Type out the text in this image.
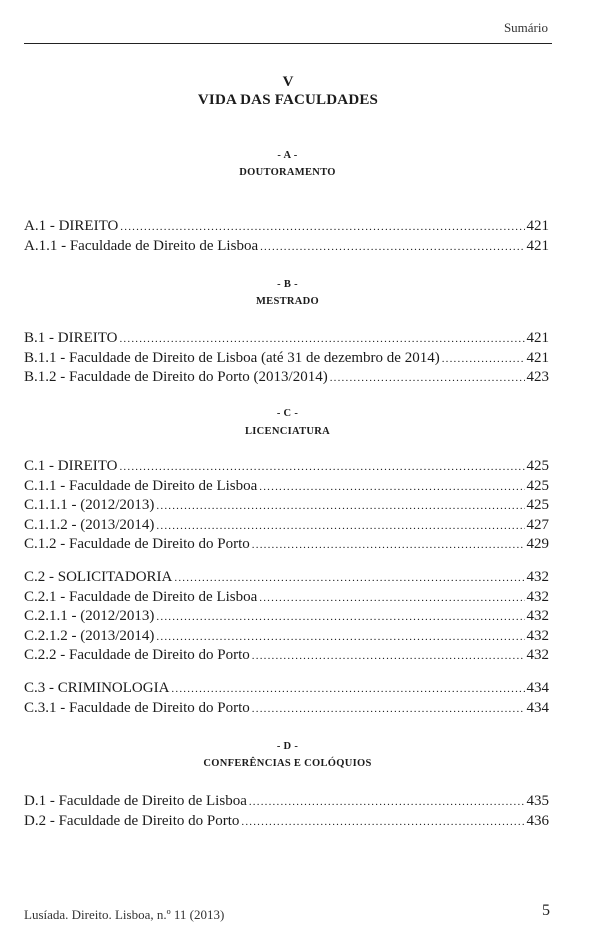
Sumário
V
VIDA DAS FACULDADES
- A -
DOUTORAMENTO
A.1 - DIREITO .....	421
A.1.1 - Faculdade de Direito de Lisboa .....	421
- B -
MESTRADO
B.1 - DIREITO .....	421
B.1.1 - Faculdade de Direito de Lisboa (até 31 de dezembro de 2014) .....	421
B.1.2 - Faculdade de Direito do Porto (2013/2014) .....	423
- C -
LICENCIATURA
C.1 - DIREITO .....	425
C.1.1 - Faculdade de Direito de Lisboa .....	425
C.1.1.1 - (2012/2013) .....	425
C.1.1.2 - (2013/2014) .....	427
C.1.2 - Faculdade de Direito do Porto .....	429
C.2 - SOLICITADORIA .....	432
C.2.1 - Faculdade de Direito de Lisboa .....	432
C.2.1.1 - (2012/2013) .....	432
C.2.1.2 - (2013/2014) .....	432
C.2.2 - Faculdade de Direito do Porto .....	432
C.3 - CRIMINOLOGIA .....	434
C.3.1 - Faculdade de Direito do Porto .....	434
- D -
CONFERÊNCIAS E COLÓQUIOS
D.1 - Faculdade de Direito de Lisboa .....	435
D.2 - Faculdade de Direito do Porto .....	436
Lusíada. Direito. Lisboa, n.º 11 (2013)	5
